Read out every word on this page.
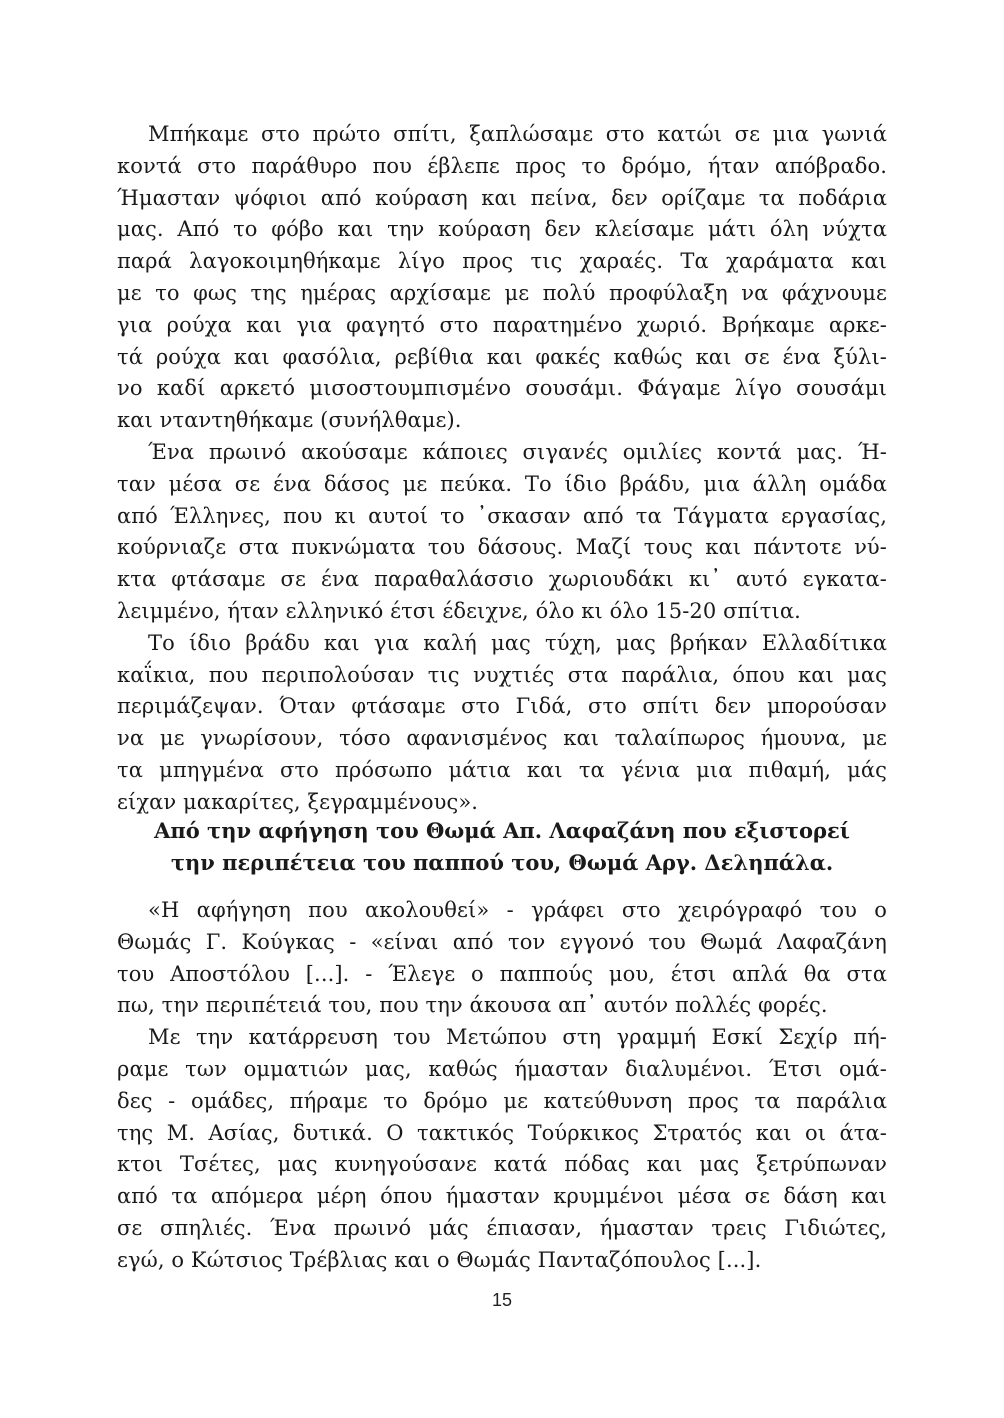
Μπήκαμε στο πρώτο σπίτι, ξαπλώσαμε στο κατώι σε μια γωνιά
κοντά στο παράθυρο που έβλεπε προς το δρόμο, ήταν απόβραδο.
Ήμασταν ψόφιοι από κούραση και πείνα, δεν ορίζαμε τα ποδάρια
μας. Από το φόβο και την κούραση δεν κλείσαμε μάτι όλη νύχτα
παρά λαγοκοιμηθήκαμε λίγο προς τις χαραές. Τα χαράματα και
με το φως της ημέρας αρχίσαμε με πολύ προφύλαξη να φάχνουμε
για ρούχα και για φαγητό στο παρατημένο χωριό. Βρήκαμε αρκε-
τά ρούχα και φασόλια, ρεβίθια και φακές καθώς και σε ένα ξύλι-
νο καδί αρκετό μισοστουμπισμένο σουσάμι. Φάγαμε λίγο σουσάμι
και νταντηθήκαμε (συνήλθαμε).
Ένα πρωινό ακούσαμε κάποιες σιγανές ομιλίες κοντά μας. Ή-
ταν μέσα σε ένα δάσος με πεύκα. Το ίδιο βράδυ, μια άλλη ομάδα
από Έλληνες, που κι αυτοί το ᾽σκασαν από τα Τάγματα εργασίας,
κούρνιαζε στα πυκνώματα του δάσους. Μαζί τους και πάντοτε νύ-
κτα φτάσαμε σε ένα παραθαλάσσιο χωριουδάκι κι᾽ αυτό εγκατα-
λειμμένο, ήταν ελληνικό έτσι έδειχνε, όλο κι όλο 15-20 σπίτια.
Το ίδιο βράδυ και για καλή μας τύχη, μας βρήκαν Ελλαδίτικα
καΐκια, που περιπολούσαν τις νυχτιές στα παράλια, όπου και μας
περιμάζεψαν. Όταν φτάσαμε στο Γιδά, στο σπίτι δεν μπορούσαν
να με γνωρίσουν, τόσο αφανισμένος και ταλαίπωρος ήμουνα, με
τα μπηγμένα στο πρόσωπο μάτια και τα γένια μια πιθαμή, μάς
είχαν μακαρίτες, ξεγραμμένους».
Από την αφήγηση του Θωμά Απ. Λαφαζάνη που εξιστορεί
την περιπέτεια του παππού του, Θωμά Αργ. Δεληπάλα.
«Η αφήγηση που ακολουθεί» - γράφει στο χειρόγραφό του ο
Θωμάς Γ. Κούγκας - «είναι από τον εγγονό του Θωμά Λαφαζάνη
του Αποστόλου [...]. - Έλεγε ο παππούς μου, έτσι απλά θα στα
πω, την περιπέτειά του, που την άκουσα απ᾽ αυτόν πολλές φορές.
Με την κατάρρευση του Μετώπου στη γραμμή Εσκί Σεχίρ πή-
ραμε των ομματιών μας, καθώς ήμασταν διαλυμένοι. Έτσι ομά-
δες - ομάδες, πήραμε το δρόμο με κατεύθυνση προς τα παράλια
της Μ. Ασίας, δυτικά. Ο τακτικός Τούρκικος Στρατός και οι άτα-
κτοι Τσέτες, μας κυνηγούσανε κατά πόδας και μας ξετρύπωναν
από τα απόμερα μέρη όπου ήμασταν κρυμμένοι μέσα σε δάση και
σε σπηλιές. Ένα πρωινό μάς έπιασαν, ήμασταν τρεις Γιδιώτες,
εγώ, ο Κώτσιος Τρέβλιας και ο Θωμάς Πανταζόπουλος [...].
15
